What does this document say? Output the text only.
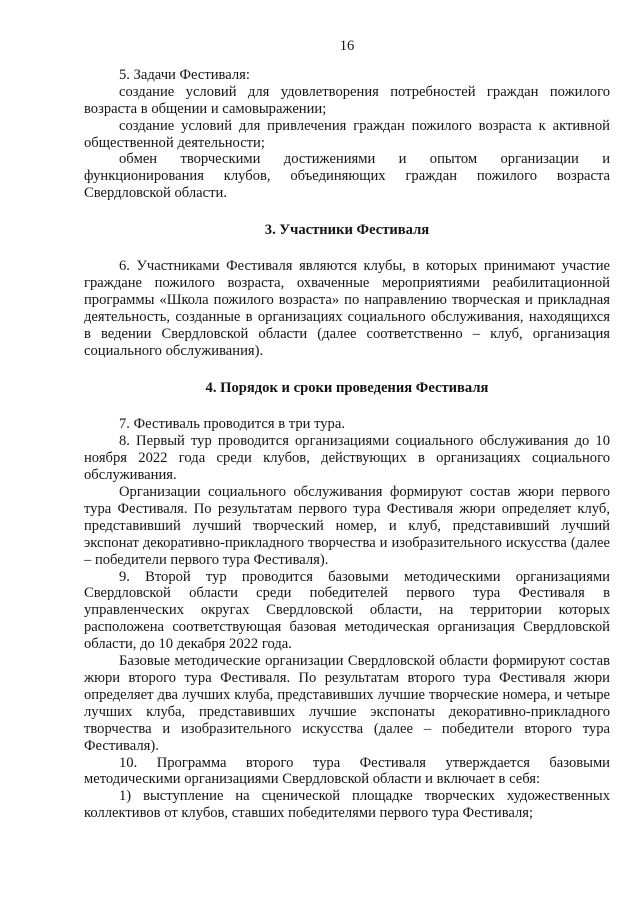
16

5. Задачи Фестиваля:

создание условий для удовлетворения потребностей граждан пожилого возраста в общении и самовыражении;

создание условий для привлечения граждан пожилого возраста к активной общественной деятельности;

обмен творческими достижениями и опытом организации и функционирования клубов, объединяющих граждан пожилого возраста Свердловской области.

3. Участники Фестиваля

6. Участниками Фестиваля являются клубы, в которых принимают участие граждане пожилого возраста, охваченные мероприятиями реабилитационной программы «Школа пожилого возраста» по направлению творческая и прикладная деятельность, созданные в организациях социального обслуживания, находящихся в ведении Свердловской области (далее соответственно – клуб, организация социального обслуживания).

4. Порядок и сроки проведения Фестиваля

7. Фестиваль проводится в три тура.

8. Первый тур проводится организациями социального обслуживания до 10 ноября 2022 года среди клубов, действующих в организациях социального обслуживания.

Организации социального обслуживания формируют состав жюри первого тура Фестиваля. По результатам первого тура Фестиваля жюри определяет клуб, представивший лучший творческий номер, и клуб, представивший лучший экспонат декоративно-прикладного творчества и изобразительного искусства (далее – победители первого тура Фестиваля).

9. Второй тур проводится базовыми методическими организациями Свердловской области среди победителей первого тура Фестиваля в управленческих округах Свердловской области, на территории которых расположена соответствующая базовая методическая организация Свердловской области, до 10 декабря 2022 года.

Базовые методические организации Свердловской области формируют состав жюри второго тура Фестиваля. По результатам второго тура Фестиваля жюри определяет два лучших клуба, представивших лучшие творческие номера, и четыре лучших клуба, представивших лучшие экспонаты декоративно-прикладного творчества и изобразительного искусства (далее – победители второго тура Фестиваля).

10. Программа второго тура Фестиваля утверждается базовыми методическими организациями Свердловской области и включает в себя:

1) выступление на сценической площадке творческих художественных коллективов от клубов, ставших победителями первого тура Фестиваля;
